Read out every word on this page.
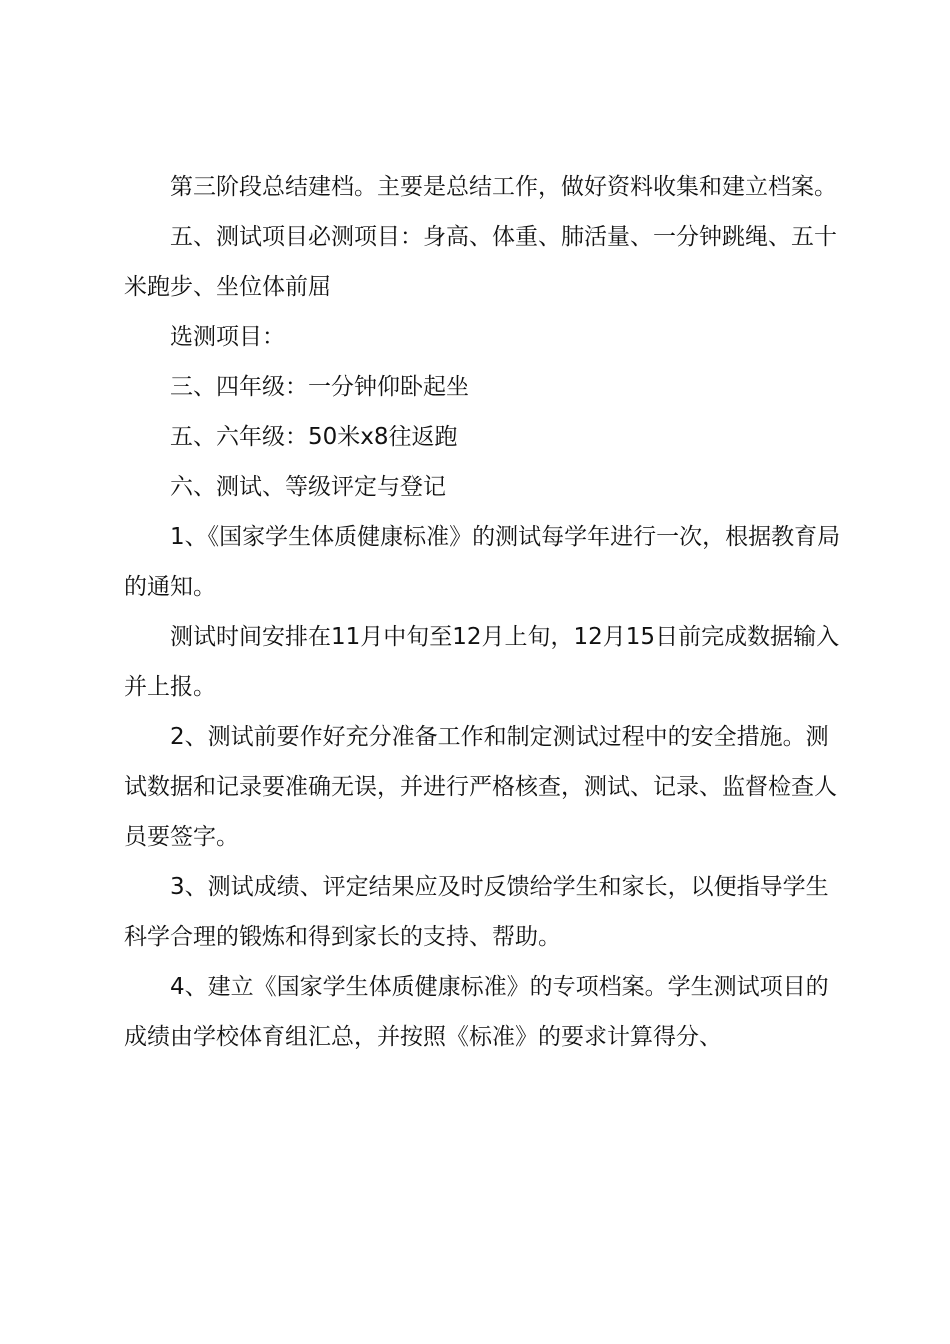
第三阶段总结建档。主要是总结工作，做好资料收集和建立档案。

五、测试项目必测项目：身高、体重、肺活量、一分钟跳绳、五十米跑步、坐位体前屈

选测项目：

三、四年级：一分钟仰卧起坐

五、六年级：50米x8往返跑

六、测试、等级评定与登记

1、《国家学生体质健康标准》的测试每学年进行一次，根据教育局的通知。

测试时间安排在11月中旬至12月上旬，12月15日前完成数据输入并上报。

2、测试前要作好充分准备工作和制定测试过程中的安全措施。测试数据和记录要准确无误，并进行严格核查，测试、记录、监督检查人员要签字。

3、测试成绩、评定结果应及时反馈给学生和家长，以便指导学生科学合理的锻炼和得到家长的支持、帮助。

4、建立《国家学生体质健康标准》的专项档案。学生测试项目的成绩由学校体育组汇总，并按照《标准》的要求计算得分、
